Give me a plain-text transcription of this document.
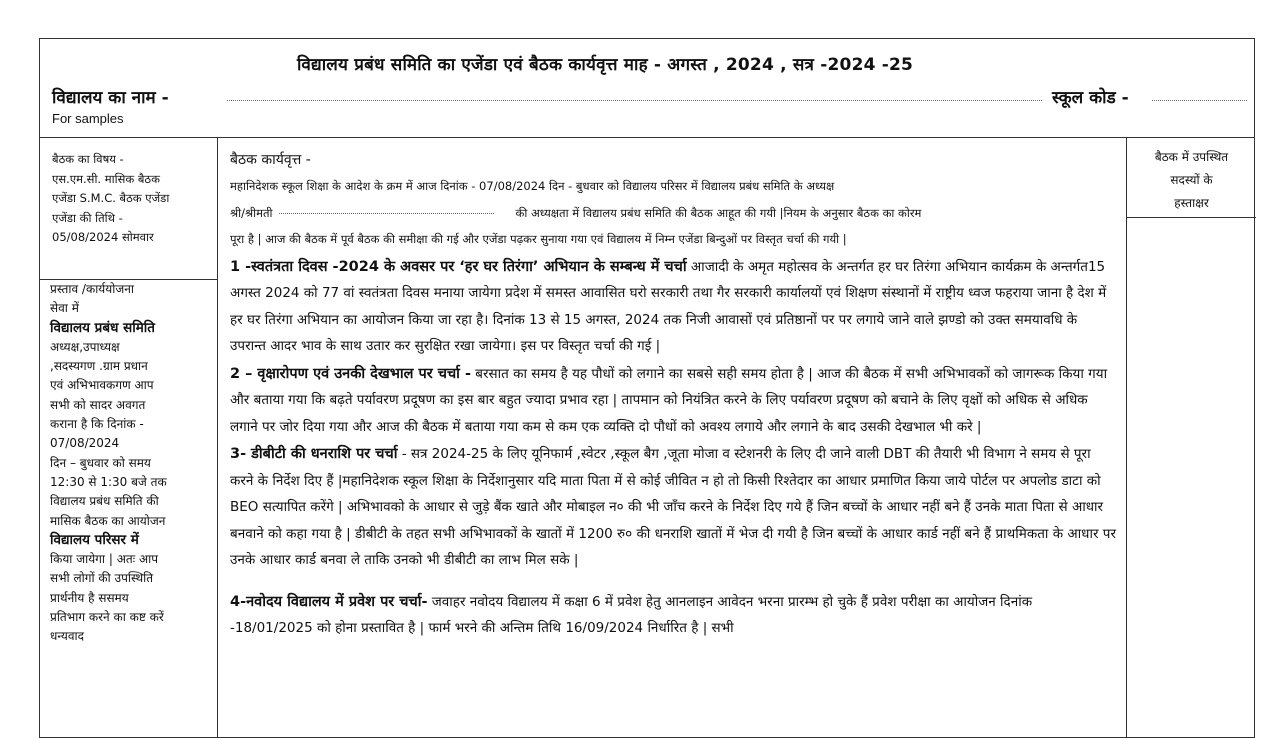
विद्यालय प्रबंध समिति का एजेंडा एवं बैठक कार्यवृत्त माह - अगस्त , 2024 , सत्र -2024 -25
विद्यालय का नाम -	स्कूल कोड -
For samples

बैठक का विषय -

एस.एम.सी. मासिक बैठक

एजेंडा S.M.C. बैठक एजेंडा

एजेंडा की तिथि -

05/08/2024 सोमवार

प्रस्ताव /कार्ययोजना

सेवा में

विद्यालय प्रबंध समिति

अध्यक्ष,उपाध्यक्ष

,सदस्यगण .ग्राम प्रधान

एवं अभिभावकगण आप

सभी को सादर अवगत

कराना है कि दिनांक -

07/08/2024

दिन – बुधवार को समय

12:30 से 1:30 बजे तक

विद्यालय प्रबंध समिति की

मासिक बैठक का आयोजन

विद्यालय परिसर में

किया जायेगा | अतः आप

सभी लोगों की उपस्थिति

प्रार्थनीय है ससमय

प्रतिभाग करने का कष्ट करें

धन्यवाद

बैठक कार्यवृत्त -

महानिदेशक स्कूल शिक्षा के आदेश के क्रम में आज दिनांक - 07/08/2024 दिन - बुधवार को विद्यालय परिसर में विद्यालय प्रबंध समिति के अध्यक्ष

श्री/श्रीमती	की अध्यक्षता में विद्यालय प्रबंध समिति की बैठक आहूत की गयी |नियम के अनुसार बैठक का कोरम

पूरा है | आज की बैठक में पूर्व बैठक की समीक्षा की गई और एजेंडा पढ़कर सुनाया गया एवं विद्यालय में निम्न एजेंडा बिन्दुओं पर विस्तृत चर्चा की गयी |

1 -स्वतंत्रता दिवस -2024 के अवसर पर ‘हर घर तिरंगा’ अभियान के सम्बन्ध में चर्चा आजादी के अमृत महोत्सव के अन्तर्गत हर घर तिरंगा अभियान कार्यक्रम के अन्तर्गत15 अगस्त 2024 को 77 वां स्वतंत्रता दिवस मनाया जायेगा प्रदेश में समस्त आवासित घरो सरकारी तथा गैर सरकारी कार्यालयों एवं शिक्षण संस्थानों में राष्ट्रीय ध्वज फहराया जाना है देश में हर घर तिरंगा अभियान का आयोजन किया जा रहा है। दिनांक 13 से 15 अगस्त, 2024 तक निजी आवासों एवं प्रतिष्ठानों पर पर लगाये जाने वाले झण्डो को उक्त समयावधि के उपरान्त आदर भाव के साथ उतार कर सुरक्षित रखा जायेगा। इस पर विस्तृत चर्चा की गई |

2 – वृक्षारोपण एवं उनकी देखभाल पर चर्चा - बरसात का समय है यह पौधों को लगाने का सबसे सही समय होता है | आज की बैठक में सभी अभिभावकों को जागरूक किया गया और बताया गया कि बढ़ते पर्यावरण प्रदूषण का इस बार बहुत ज्यादा प्रभाव रहा | तापमान को नियंत्रित करने के लिए पर्यावरण प्रदूषण को बचाने के लिए वृक्षों को अधिक से अधिक लगाने पर जोर दिया गया और आज की बैठक में बताया गया कम से कम एक व्यक्ति दो पौधों को अवश्य लगाये और लगाने के बाद उसकी देखभाल भी करे |

3- डीबीटी की धनराशि पर चर्चा - सत्र 2024-25 के लिए यूनिफार्म ,स्वेटर ,स्कूल बैग ,जूता मोजा व स्टेशनरी के लिए दी जाने वाली DBT की तैयारी भी विभाग ने समय से पूरा करने के निर्देश दिए हैं |महानिदेशक स्कूल शिक्षा के निर्देशानुसार यदि माता पिता में से कोई जीवित न हो तो किसी रिश्तेदार का आधार प्रमाणित किया जाये पोर्टल पर अपलोड डाटा को BEO सत्यापित करेंगे | अभिभावको के आधार से जुड़े बैंक खाते और मोबाइल न० की भी जाँच करने के निर्देश दिए गये हैं जिन बच्चों के आधार नहीं बने हैं उनके माता पिता से आधार बनवाने को कहा गया है | डीबीटी के तहत सभी अभिभावकों के खातों में 1200 रु० की धनराशि खातों में भेज दी गयी है जिन बच्चों के आधार कार्ड नहीं बने हैं प्राथमिकता के आधार पर उनके आधार कार्ड बनवा ले ताकि उनको भी डीबीटी का लाभ मिल सके |

4-नवोदय विद्यालय में प्रवेश पर चर्चा- जवाहर नवोदय विद्यालय में कक्षा 6 में प्रवेश हेतु आनलाइन आवेदन भरना प्रारम्भ हो चुके हैं प्रवेश परीक्षा का आयोजन दिनांक -18/01/2025 को होना प्रस्तावित है | फार्म भरने की अन्तिम तिथि 16/09/2024 निर्धारित है | सभी

बैठक में उपस्थित

सदस्यों के

हस्ताक्षर
